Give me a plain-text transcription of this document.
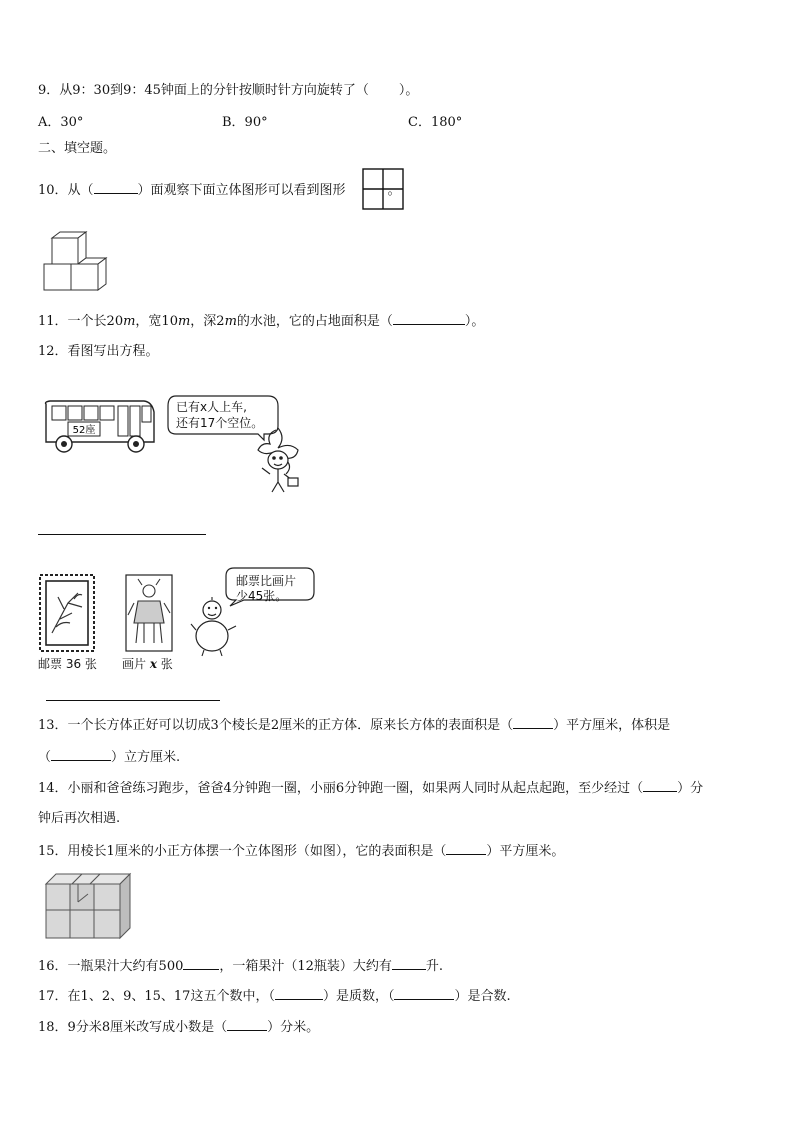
9．从9：30到9：45钟面上的分针按顺时针方向旋转了（ ）。
A．30°	B．90°	C．180°
二、填空题。
10．从（	）面观察下面立体图形可以看到图形	。
11．一个长20m，宽10m，深2m的水池，它的占地面积是（	）。
12．看图写出方程。
52座
已有x人上车,
还有17个空位。
邮票比画片
少45张。
邮票 36 张 画片 x 张
13．一个长方体正好可以切成3个棱长是2厘米的正方体．原来长方体的表面积是（	）平方厘米，体积是
（	）立方厘米.
14．小丽和爸爸练习跑步，爸爸4分钟跑一圈，小丽6分钟跑一圈，如果两人同时从起点起跑，至少经过（	）分
钟后再次相遇.
15．用棱长1厘米的小正方体摆一个立体图形（如图），它的表面积是（	）平方厘米。
16．一瓶果汁大约有500	，一箱果汁（12瓶装）大约有	升.
17．在1、2、9、15、17这五个数中，（	）是质数，（	）是合数.
18．9分米8厘米改写成小数是（	）分米。
